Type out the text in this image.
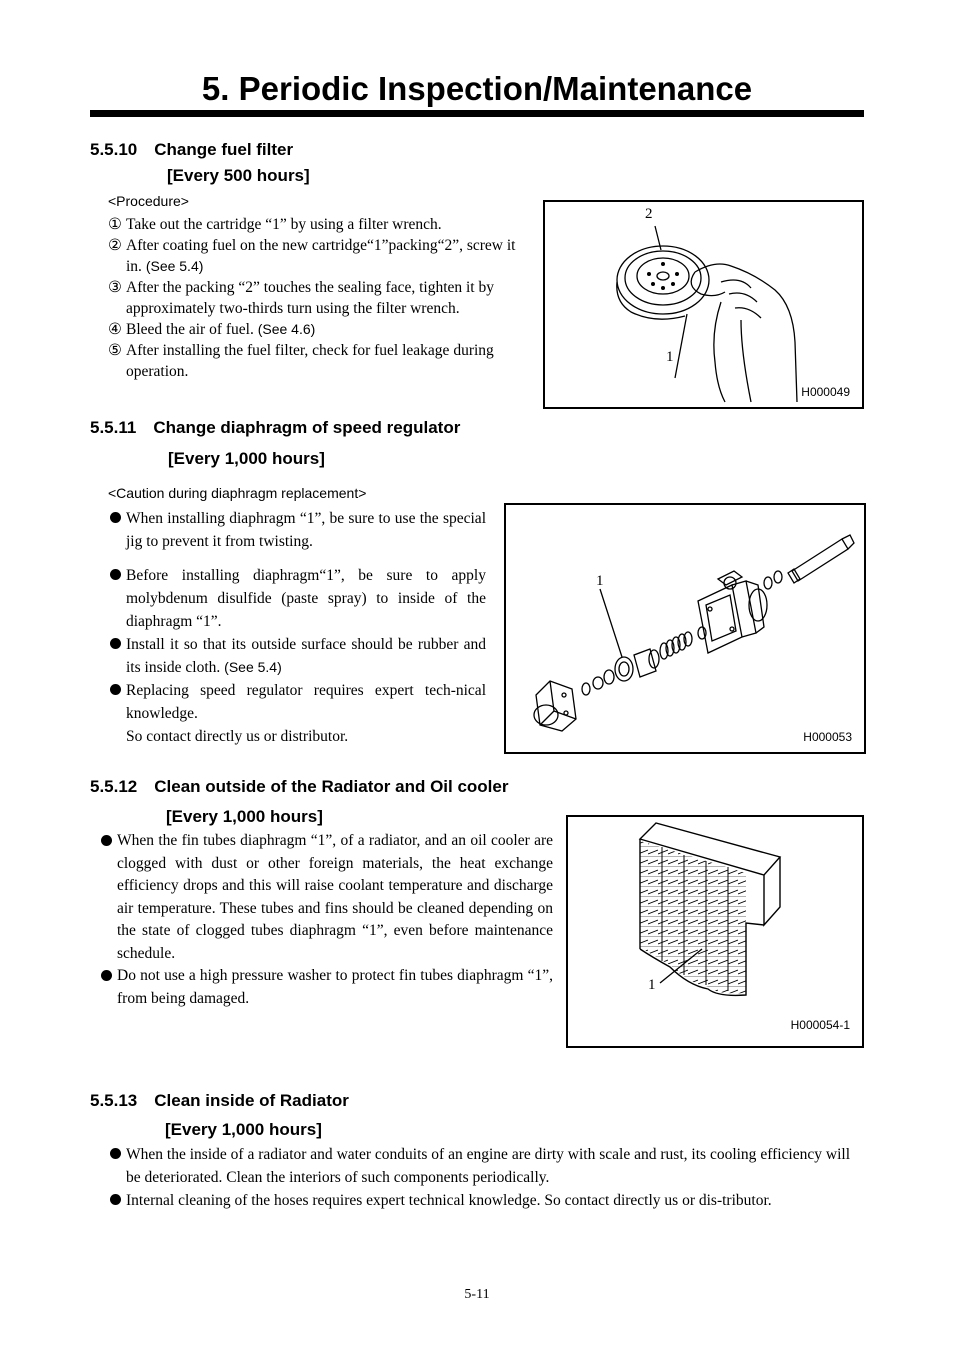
5. Periodic Inspection/Maintenance
5.5.10　Change fuel filter
[Every 500 hours]
<Procedure>
① Take out the cartridge “1” by using a filter wrench.
② After coating fuel on the new cartridge“1”packing“2”, screw it in. (See 5.4)
③ After the packing “2” touches the sealing face, tighten it by approximately two-thirds turn using the filter wrench.
④ Bleed the air of fuel. (See 4.6)
⑤ After installing the fuel filter, check for fuel leakage during operation.
2
1
H000049
5.5.11　Change diaphragm of speed regulator
[Every 1,000 hours]
<Caution during diaphragm replacement>
When installing diaphragm “1”, be sure to use the special jig to prevent it from twisting.
Before installing diaphragm“1”, be sure to apply molybdenum disulfide (paste spray) to inside of the diaphragm “1”.
Install it so that its outside surface should be rubber and its inside cloth. (See 5.4)
Replacing speed regulator requires expert tech-nical knowledge.
So contact directly us or distributor.
1
H000053
5.5.12　Clean outside of the Radiator and Oil cooler
[Every 1,000 hours]
When the fin tubes diaphragm “1”, of a radiator, and an oil cooler are clogged with dust or other foreign materials, the heat exchange efficiency drops and this will raise coolant temperature and discharge air temperature. These tubes and fins should be cleaned depending on the state of clogged tubes diaphragm “1”, even before maintenance schedule.
Do not use a high pressure washer to protect fin tubes diaphragm “1”, from being damaged.
1
H000054-1
5.5.13　Clean inside of Radiator
[Every 1,000 hours]
When the inside of a radiator and water conduits of an engine are dirty with scale and rust, its cooling efficiency will be deteriorated. Clean the interiors of such components periodically.
Internal cleaning of the hoses requires expert technical knowledge. So contact directly us or dis-tributor.
5-11
